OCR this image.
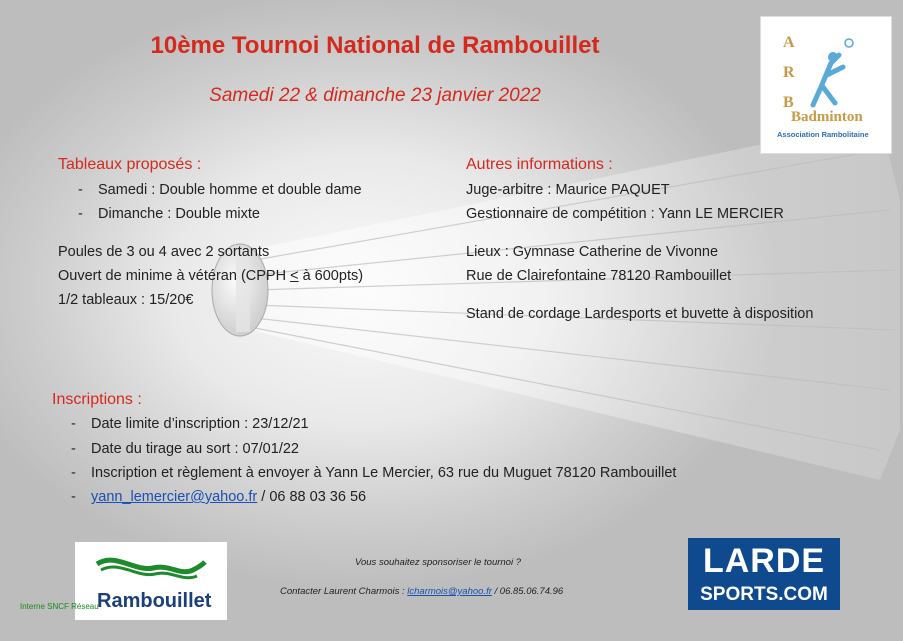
10ème Tournoi National de Rambouillet
Samedi 22 & dimanche 23 janvier 2022
A
R
B
Badminton
Association Rambolitaine
Tableaux proposés :
- Samedi : Double homme et double dame
- Dimanche : Double mixte
Poules de 3 ou 4 avec 2 sortants
Ouvert de minime à vétéran (CPPH < à 600pts)
1/2 tableaux : 15/20€
Autres informations :
Juge-arbitre : Maurice PAQUET
Gestionnaire de compétition : Yann LE MERCIER
Lieux : Gymnase Catherine de Vivonne
Rue de Clairefontaine 78120 Rambouillet
Stand de cordage Lardesports et buvette à disposition
Inscriptions :
- Date limite d’inscription : 23/12/21
- Date du tirage au sort : 07/01/22
- Inscription et règlement à envoyer à Yann Le Mercier, 63 rue du Muguet 78120 Rambouillet
- yann_lemercier@yahoo.fr / 06 88 03 36 56
Rambouillet
Interne SNCF Réseau
Vous souhaitez sponsoriser le tournoi ?
Contacter Laurent Charmois : lcharmois@yahoo.fr / 06.85.06.74.96
LARDE
SPORTS.COM
